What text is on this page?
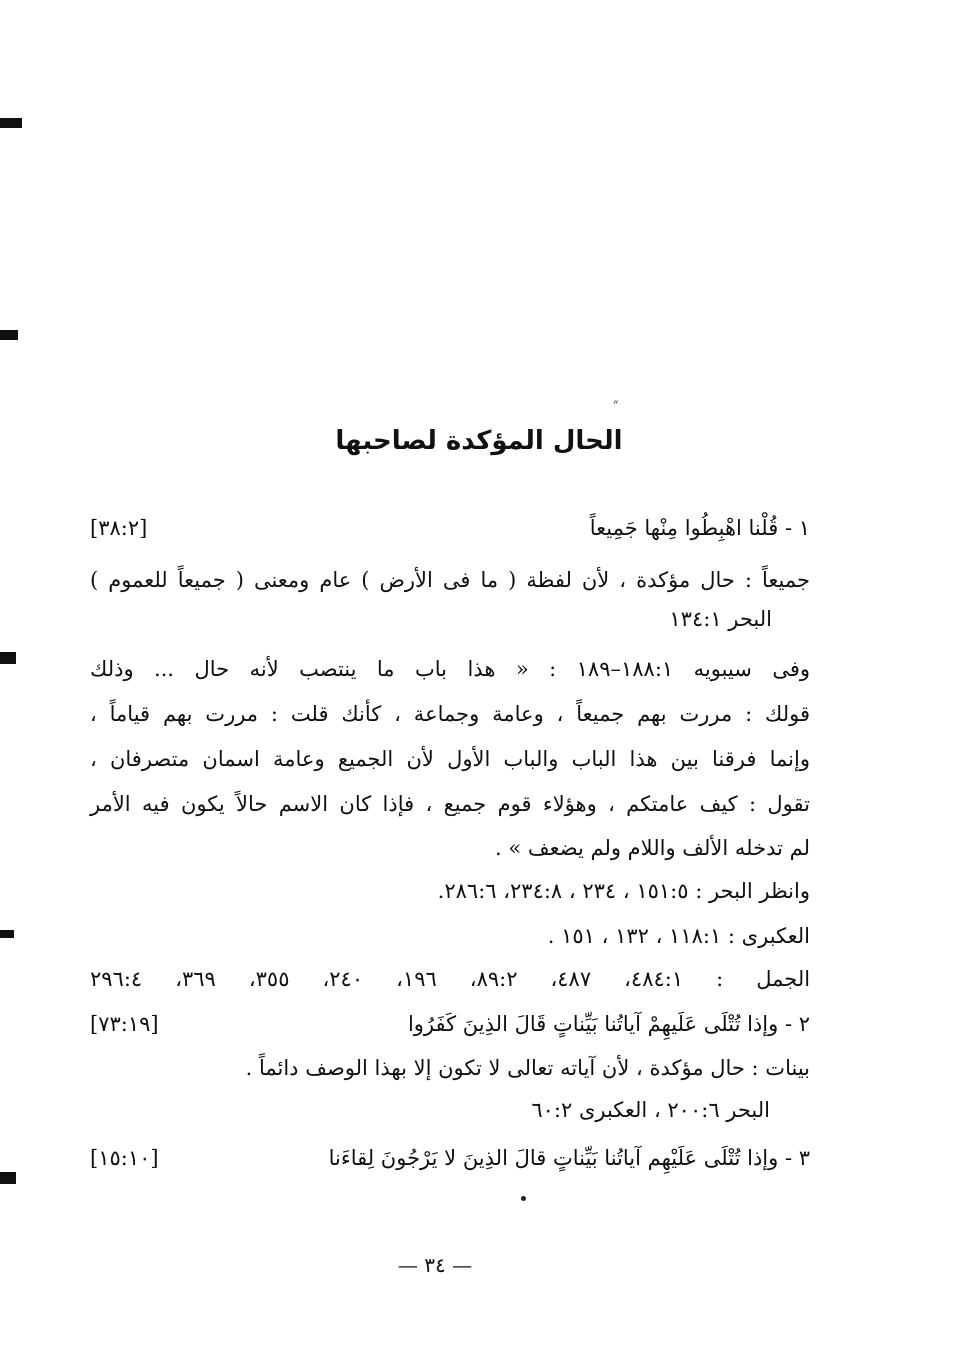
״
الحال المؤكدة لصاحبها
١ - قُلْنا اهْبِطُوا مِنْها جَمِيعاً
[٣٨:٢]
جميعاً : حال مؤكدة ، لأن لفظة ( ما فى الأرض ) عام ومعنى ( جميعاً للعموم )
البحر ١٣٤:١
وفى سيبويه ١٨٨:١–١٨٩ : « هذا باب ما ينتصب لأنه حال ... وذلك
قولك : مررت بهم جميعاً ، وعامة وجماعة ، كأنك قلت : مررت بهم قياماً ،
وإنما فرقنا بين هذا الباب والباب الأول لأن الجميع وعامة اسمان متصرفان ،
تقول : كيف عامتكم ، وهؤلاء قوم جميع ، فإذا كان الاسم حالاً يكون فيه الأمر
لم تدخله الألف واللام ولم يضعف » .
وانظر البحر : ١٥١:٥ ، ٢٣٤ ، ٢٣٤:٨، ٢٨٦:٦.
العكبرى : ١١٨:١ ، ١٣٢ ، ١٥١ .
الجمل : ٤٨٤:١، ٤٨٧، ٨٩:٢، ١٩٦، ٢٤٠، ٣٥٥، ٣٦٩، ٢٩٦:٤
٢ - وإذا تُتْلَى عَلَيهِمْ آياتُنا بَيِّناتٍ قَالَ الذِينَ كَفَرُوا
[٧٣:١٩]
بينات : حال مؤكدة ، لأن آياته تعالى لا تكون إلا بهذا الوصف دائماً .
البحر ٢٠٠:٦ ، العكبرى ٦٠:٢
٣ - وإذا تُتْلَى عَلَيْهِم آياتُنا بَيِّناتٍ قالَ الذِينَ لا يَرْجُونَ لِقاءَنا
[١٥:١٠]
— ٣٤ —
